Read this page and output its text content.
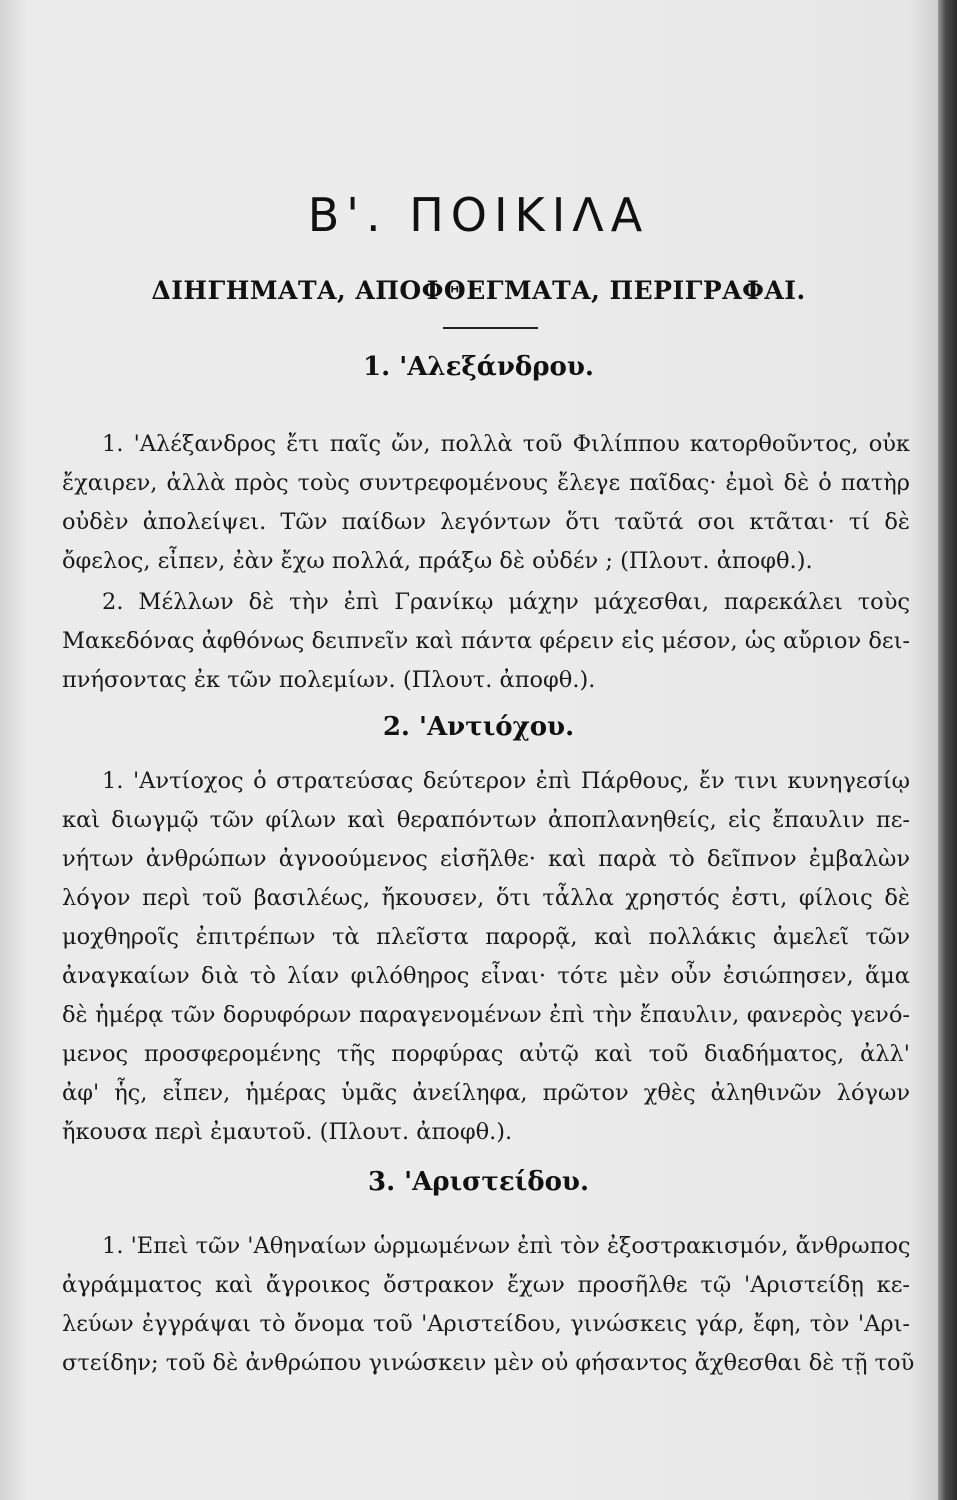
Β'. ΠΟΙΚΙΛΑ
ΔΙΗΓΗΜΑΤΑ, ΑΠΟΦΘΕΓΜΑΤΑ, ΠΕΡΙΓΡΑΦΑΙ.
1. 'Αλεξάνδρου.
1. 'Αλέξανδρος ἔτι παῖς ὤν, πολλὰ τοῦ Φιλίππου κατορθοῦντος, οὐκ
ἔχαιρεν, ἀλλὰ πρὸς τοὺς συντρεφομένους ἔλεγε παῖδας· ἐμοὶ δὲ ὁ πατὴρ
οὐδὲν ἀπολείψει. Τῶν παίδων λεγόντων ὅτι ταῦτά σοι κτᾶται· τί δὲ
ὄφελος, εἶπεν, ἐὰν ἔχω πολλά, πράξω δὲ οὐδέν ; (Πλουτ. ἀποφθ.).
2. Μέλλων δὲ τὴν ἐπὶ Γρανίκῳ μάχην μάχεσθαι, παρεκάλει τοὺς
Μακεδόνας ἀφθόνως δειπνεῖν καὶ πάντα φέρειν εἰς μέσον, ὡς αὔριον δει-
πνήσοντας ἐκ τῶν πολεμίων. (Πλουτ. ἀποφθ.).
2. 'Αντιόχου.
1. 'Αντίοχος ὁ στρατεύσας δεύτερον ἐπὶ Πάρθους, ἔν τινι κυνηγεσίῳ
καὶ διωγμῷ τῶν φίλων καὶ θεραπόντων ἀποπλανηθείς, εἰς ἔπαυλιν πε-
νήτων ἀνθρώπων ἀγνοούμενος εἰσῆλθε· καὶ παρὰ τὸ δεῖπνον ἐμβαλὼν
λόγον περὶ τοῦ βασιλέως, ἤκουσεν, ὅτι τἆλλα χρηστός ἐστι, φίλοις δὲ
μοχθηροῖς ἐπιτρέπων τὰ πλεῖστα παρορᾷ, καὶ πολλάκις ἀμελεῖ τῶν
ἀναγκαίων διὰ τὸ λίαν φιλόθηρος εἶναι· τότε μὲν οὖν ἐσιώπησεν, ἅμα
δὲ ἡμέρᾳ τῶν δορυφόρων παραγενομένων ἐπὶ τὴν ἔπαυλιν, φανερὸς γενό-
μενος προσφερομένης τῆς πορφύρας αὐτῷ καὶ τοῦ διαδήματος, ἀλλ'
ἀφ' ἧς, εἶπεν, ἡμέρας ὑμᾶς ἀνείληφα, πρῶτον χθὲς ἀληθινῶν λόγων
ἤκουσα περὶ ἐμαυτοῦ. (Πλουτ. ἀποφθ.).
3. 'Αριστείδου.
1. 'Επεὶ τῶν 'Αθηναίων ὡρμωμένων ἐπὶ τὸν ἐξοστρακισμόν, ἄνθρωπος
ἀγράμματος καὶ ἄγροικος ὄστρακον ἔχων προσῆλθε τῷ 'Αριστείδῃ κε-
λεύων ἐγγράψαι τὸ ὄνομα τοῦ 'Αριστείδου, γινώσκεις γάρ, ἔφη, τὸν 'Αρι-
στείδην; τοῦ δὲ ἀνθρώπου γινώσκειν μὲν οὐ φήσαντος ἄχθεσθαι δὲ τῇ τοῦ
